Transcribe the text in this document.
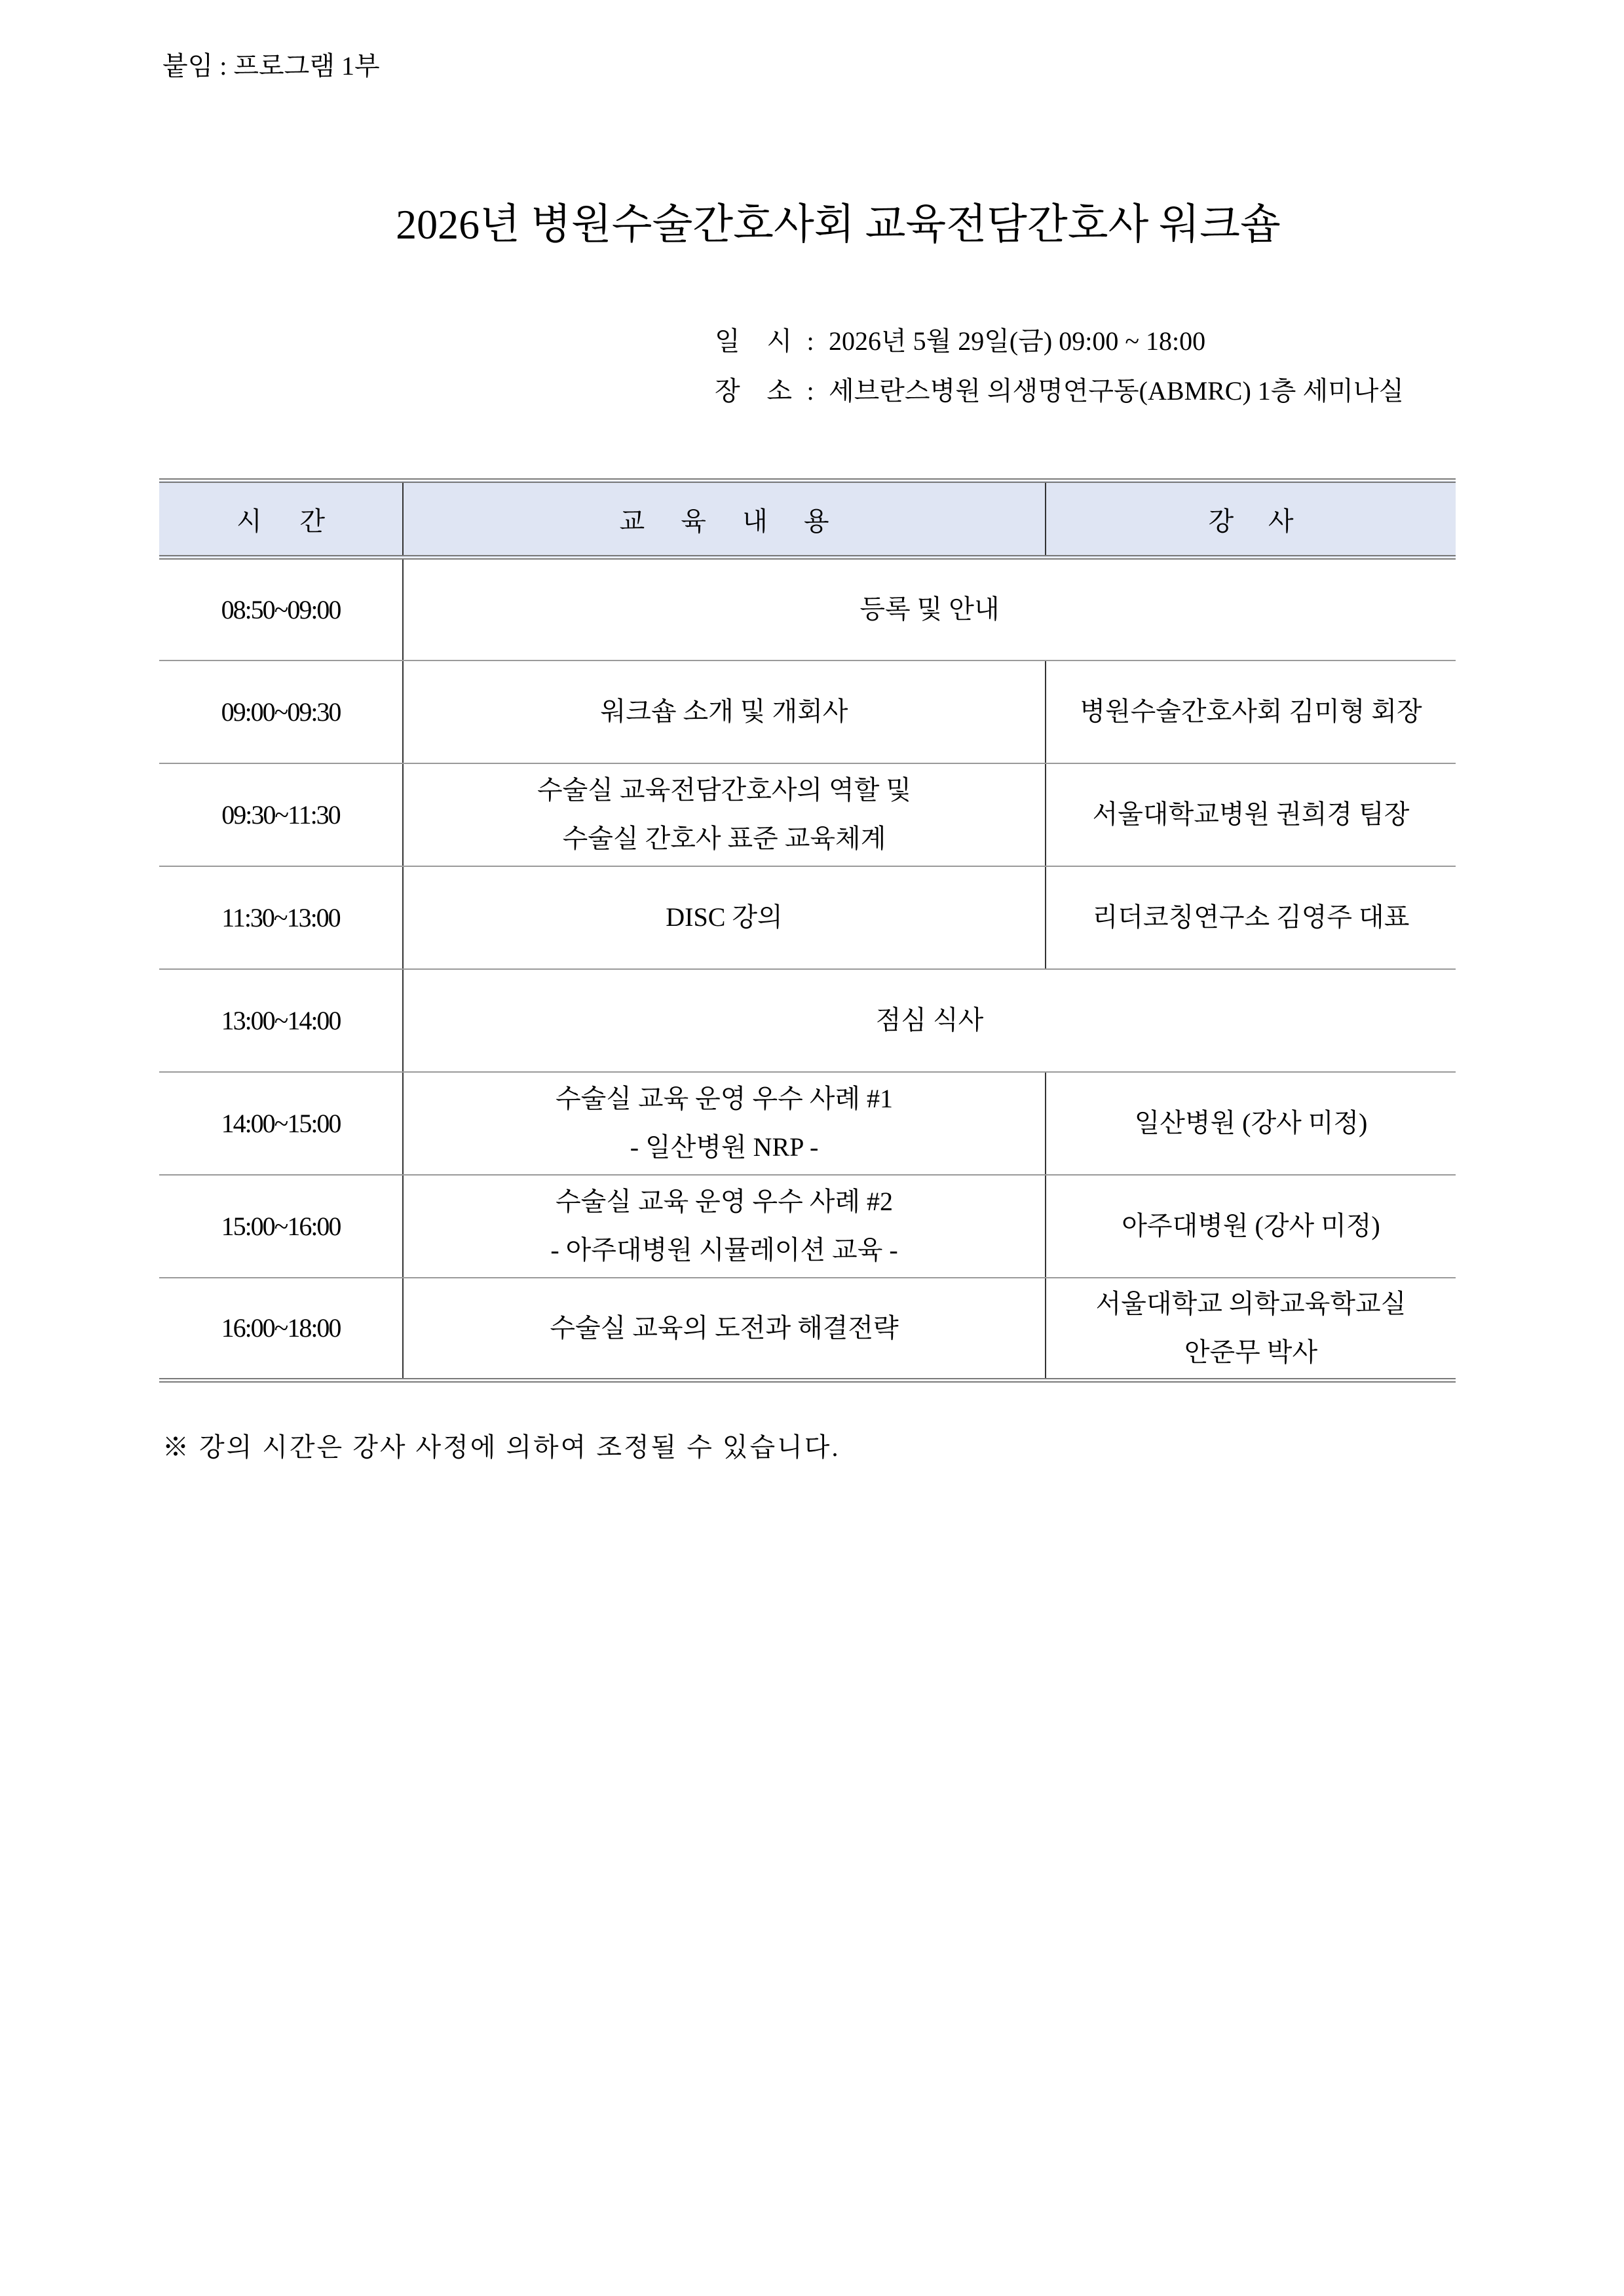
붙임 : 프로그램 1부
2026년 병원수술간호사회 교육전담간호사 워크숍
일 시 : 2026년 5월 29일(금) 09:00 ~ 18:00
장 소 : 세브란스병원 의생명연구동(ABMRC) 1층 세미나실
시 간	교 육 내 용	강 사
08:50~09:00	등록 및 안내	

09:00~09:30	워크숍 소개 및 개회사	병원수술간호사회 김미형 회장

09:30~11:30	수술실 교육전담간호사의 역할 및
수술실 간호사 표준 교육체계	서울대학교병원 권희경 팀장

11:30~13:00	DISC 강의	리더코칭연구소 김영주 대표

13:00~14:00	점심 식사	

14:00~15:00	수술실 교육 운영 우수 사례 #1
- 일산병원 NRP -	일산병원 (강사 미정)

15:00~16:00	수술실 교육 운영 우수 사례 #2
- 아주대병원 시뮬레이션 교육 -	아주대병원 (강사 미정)

16:00~18:00	수술실 교육의 도전과 해결전략	서울대학교 의학교육학교실
안준무 박사
※ 강의 시간은 강사 사정에 의하여 조정될 수 있습니다.
